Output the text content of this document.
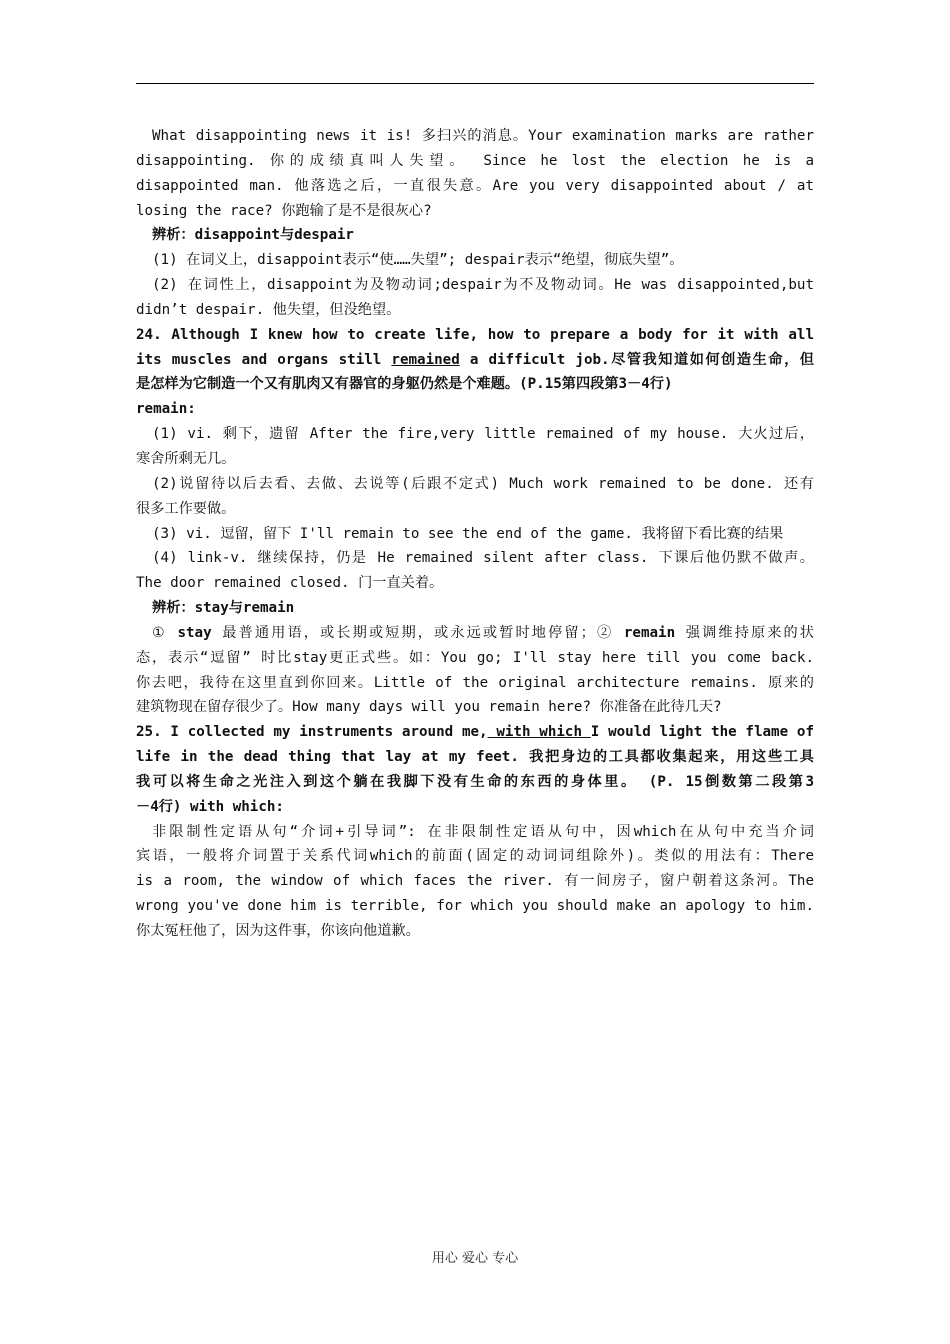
What disappointing news it is! 多扫兴的消息。Your examination marks are rather
disappointing. 你的成绩真叫人失望。 Since he lost the election he is a
disappointed man. 他落选之后，一直很失意。Are you very disappointed about / at
losing the race? 你跑输了是不是很灰心?
辨析：disappoint与despair
(1) 在词义上，disappoint表示“使……失望”; despair表示“绝望，彻底失望”。
(2) 在词性上，disappoint为及物动词;despair为不及物动词。He was disappointed,but
didn’t despair. 他失望，但没绝望。
24. Although I knew how to create life, how to prepare a body for it with all
its muscles and organs still remained a difficult job.尽管我知道如何创造生命，但
是怎样为它制造一个又有肌肉又有器官的身躯仍然是个难题。(P.15第四段第3－4行)
remain:
(1) vi. 剩下，遗留 After the fire,very little remained of my house. 大火过后，
寒舍所剩无几。
(2)说留待以后去看、去做、去说等(后跟不定式) Much work remained to be done. 还有
很多工作要做。
(3) vi. 逗留，留下 I'll remain to see the end of the game. 我将留下看比赛的结果
(4) link-v. 继续保持，仍是 He remained silent after class. 下课后他仍默不做声。
The door remained closed. 门一直关着。
辨析：stay与remain
① stay 最普通用语，或长期或短期，或永远或暂时地停留；② remain 强调维持原来的状
态，表示“逗留” 时比stay更正式些。如：You go; I'll stay here till you come back.
你去吧，我待在这里直到你回来。Little of the original architecture remains. 原来的
建筑物现在留存很少了。How many days will you remain here? 你准备在此待几天?
25. I collected my instruments around me, with which I would light the flame of
life in the dead thing that lay at my feet. 我把身边的工具都收集起来，用这些工具
我可以将生命之光注入到这个躺在我脚下没有生命的东西的身体里。 (P. 15倒数第二段第3
－4行) with which:
非限制性定语从句“介词+引导词”: 在非限制性定语从句中，因which在从句中充当介词
宾语，一般将介词置于关系代词which的前面(固定的动词词组除外)。类似的用法有：There
is a room, the window of which faces the river. 有一间房子，窗户朝着这条河。The
wrong you've done him is terrible, for which you should make an apology to him.
你太冤枉他了，因为这件事，你该向他道歉。
用心 爱心 专心
